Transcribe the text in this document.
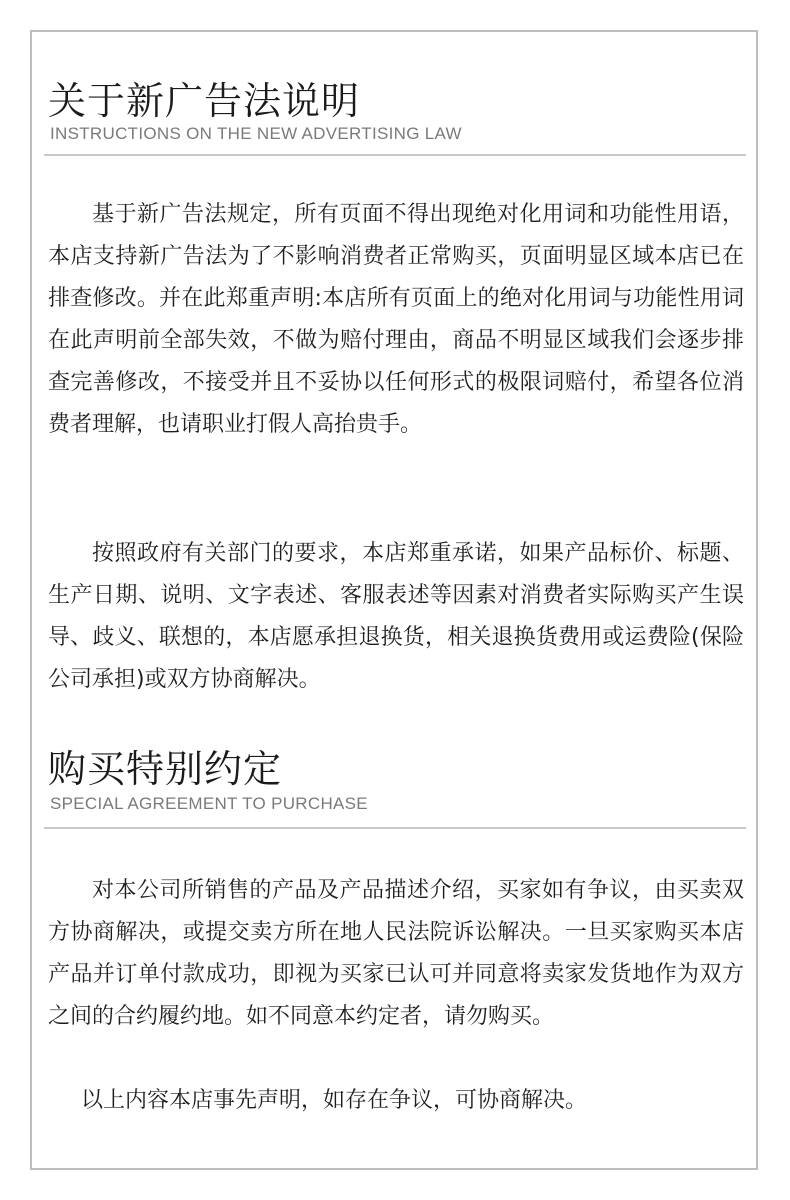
关于新广告法说明
INSTRUCTIONS ON THE NEW ADVERTISING LAW

基于新广告法规定，所有页面不得出现绝对化用词和功能性用语，本店支持新广告法为了不影响消费者正常购买，页面明显区域本店已在排查修改。并在此郑重声明:本店所有页面上的绝对化用词与功能性用词在此声明前全部失效，不做为赔付理由，商品不明显区域我们会逐步排查完善修改，不接受并且不妥协以任何形式的极限词赔付，希望各位消费者理解，也请职业打假人高抬贵手。

按照政府有关部门的要求，本店郑重承诺，如果产品标价、标题、生产日期、说明、文字表述、客服表述等因素对消费者实际购买产生误导、歧义、联想的，本店愿承担退换货，相关退换货费用或运费险(保险公司承担)或双方协商解决。

购买特别约定
SPECIAL AGREEMENT TO PURCHASE

对本公司所销售的产品及产品描述介绍，买家如有争议，由买卖双方协商解决，或提交卖方所在地人民法院诉讼解决。一旦买家购买本店产品并订单付款成功，即视为买家已认可并同意将卖家发货地作为双方之间的合约履约地。如不同意本约定者，请勿购买。

以上内容本店事先声明，如存在争议，可协商解决。
